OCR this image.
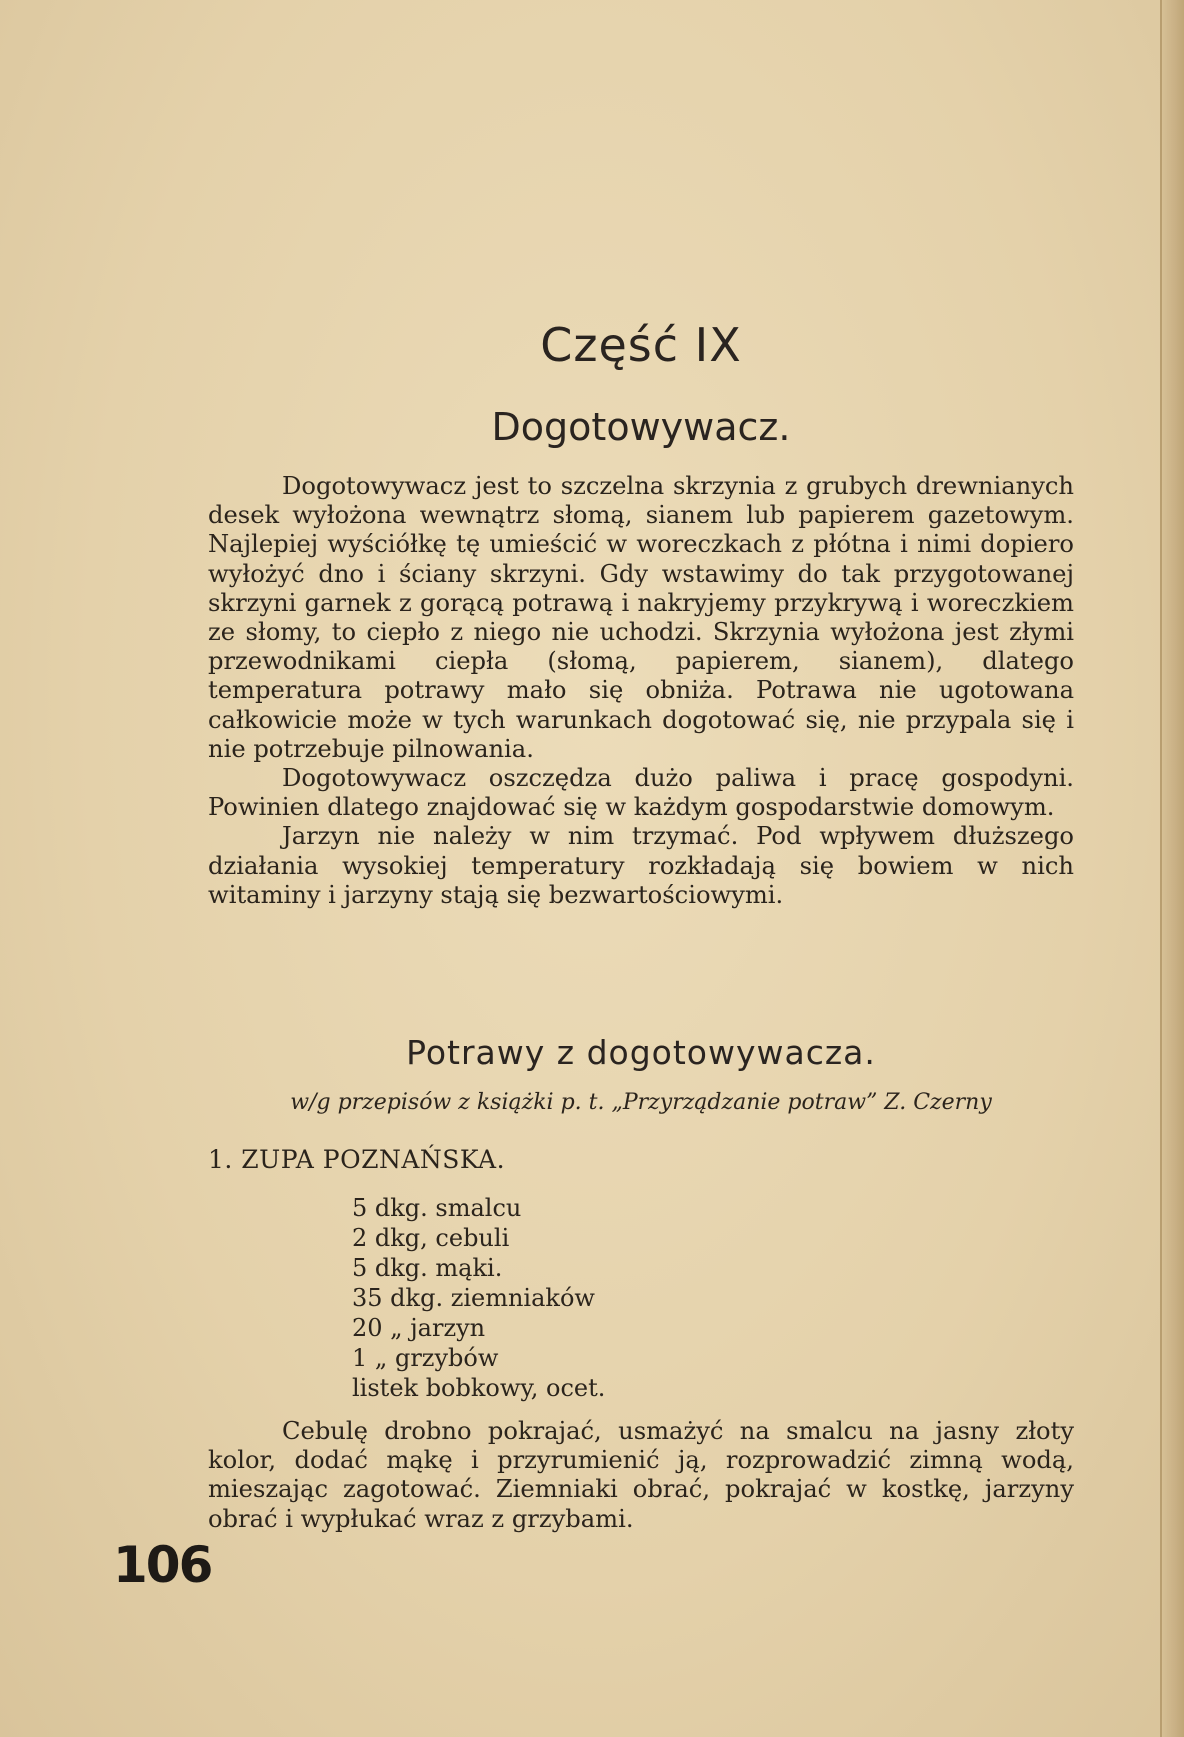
Część IX
Dogotowywacz.

Dogotowywacz jest to szczelna skrzynia z grubych drewnianych desek wyłożona wewnątrz słomą, sianem lub papierem gazetowym. Najlepiej wyściółkę tę umieścić w woreczkach z płótna i nimi dopiero wyłożyć dno i ściany skrzyni. Gdy wstawimy do tak przygotowanej skrzyni garnek z gorącą potrawą i nakryjemy przykrywą i woreczkiem ze słomy, to ciepło z niego nie uchodzi. Skrzynia wyłożona jest złymi przewodnikami ciepła (słomą, papierem, sianem), dlatego temperatura potrawy mało się obniża. Potrawa nie ugotowana całkowicie może w tych warunkach dogotować się, nie przypala się i nie potrzebuje pilnowania.

Dogotowywacz oszczędza dużo paliwa i pracę gospodyni. Powinien dlatego znajdować się w każdym gospodarstwie domowym.

Jarzyn nie należy w nim trzymać. Pod wpływem dłuższego działania wysokiej temperatury rozkładają się bowiem w nich witaminy i jarzyny stają się bezwartościowymi.

Potrawy z dogotowywacza.
w/g przepisów z książki p. t. „Przyrządzanie potraw” Z. Czerny
1. ZUPA POZNAŃSKA.
5 dkg. smalcu
2 dkg, cebuli
5 dkg. mąki.
35 dkg. ziemniaków
20 „ jarzyn
1 „ grzybów
listek bobkowy, ocet.

Cebulę drobno pokrajać, usmażyć na smalcu na jasny złoty kolor, dodać mąkę i przyrumienić ją, rozprowadzić zimną wodą, mieszając zagotować. Ziemniaki obrać, pokrajać w kostkę, jarzyny obrać i wypłukać wraz z grzybami.

106
